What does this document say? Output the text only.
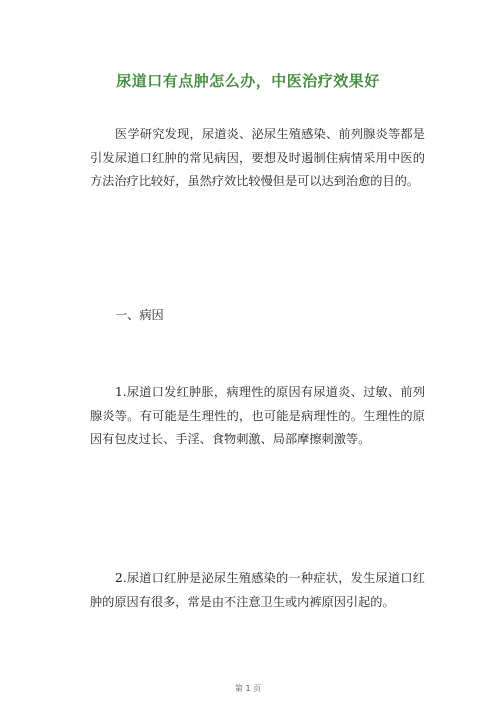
尿道口有点肿怎么办，中医治疗效果好

医学研究发现，尿道炎、泌尿生殖感染、前列腺炎等都是引发尿道口红肿的常见病因，要想及时遏制住病情采用中医的方法治疗比较好，虽然疗效比较慢但是可以达到治愈的目的。

一、病因

1.尿道口发红肿胀，病理性的原因有尿道炎、过敏、前列腺炎等。有可能是生理性的，也可能是病理性的。生理性的原因有包皮过长、手淫、食物刺激、局部摩擦刺激等。

2.尿道口红肿是泌尿生殖感染的一种症状，发生尿道口红肿的原因有很多，常是由不注意卫生或内裤原因引起的。

第 1 页
